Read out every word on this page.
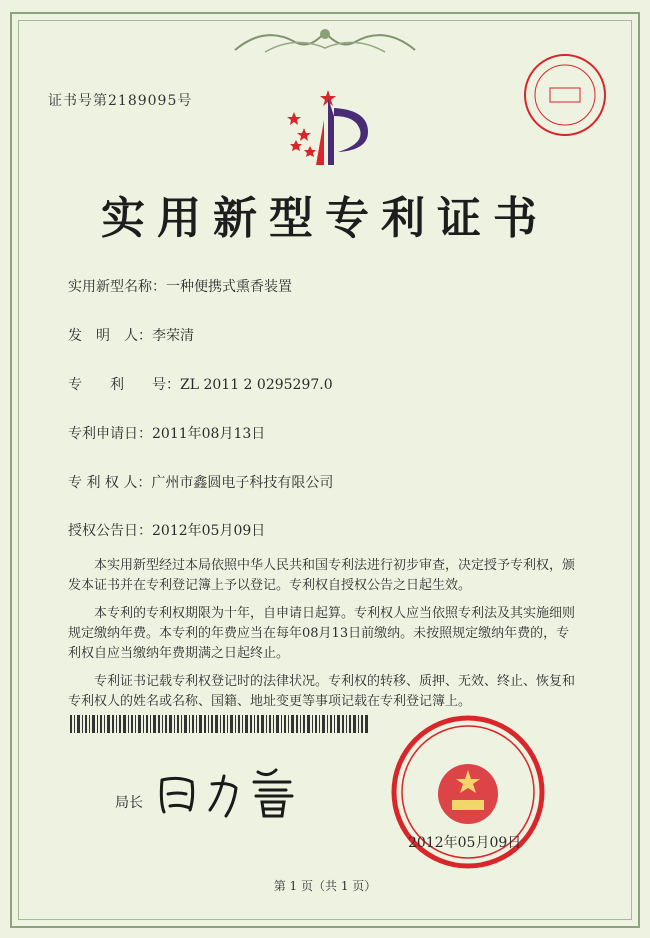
证书号第2189095号
实用新型专利证书
实用新型名称：一种便携式熏香装置
发　明　人：李荣清
专　　利　　号：ZL 2011 2 0295297.0
专利申请日：2011年08月13日
专 利 权 人：广州市鑫圆电子科技有限公司
授权公告日：2012年05月09日

本实用新型经过本局依照中华人民共和国专利法进行初步审查，决定授予专利权，颁发本证书并在专利登记簿上予以登记。专利权自授权公告之日起生效。

本专利的专利权期限为十年，自申请日起算。专利权人应当依照专利法及其实施细则规定缴纳年费。本专利的年费应当在每年08月13日前缴纳。未按照规定缴纳年费的，专利权自应当缴纳年费期满之日起终止。

专利证书记载专利权登记时的法律状况。专利权的转移、质押、无效、终止、恢复和专利权人的姓名或名称、国籍、地址变更等事项记载在专利登记簿上。

局长
2012年05月09日
第 1 页（共 1 页）
